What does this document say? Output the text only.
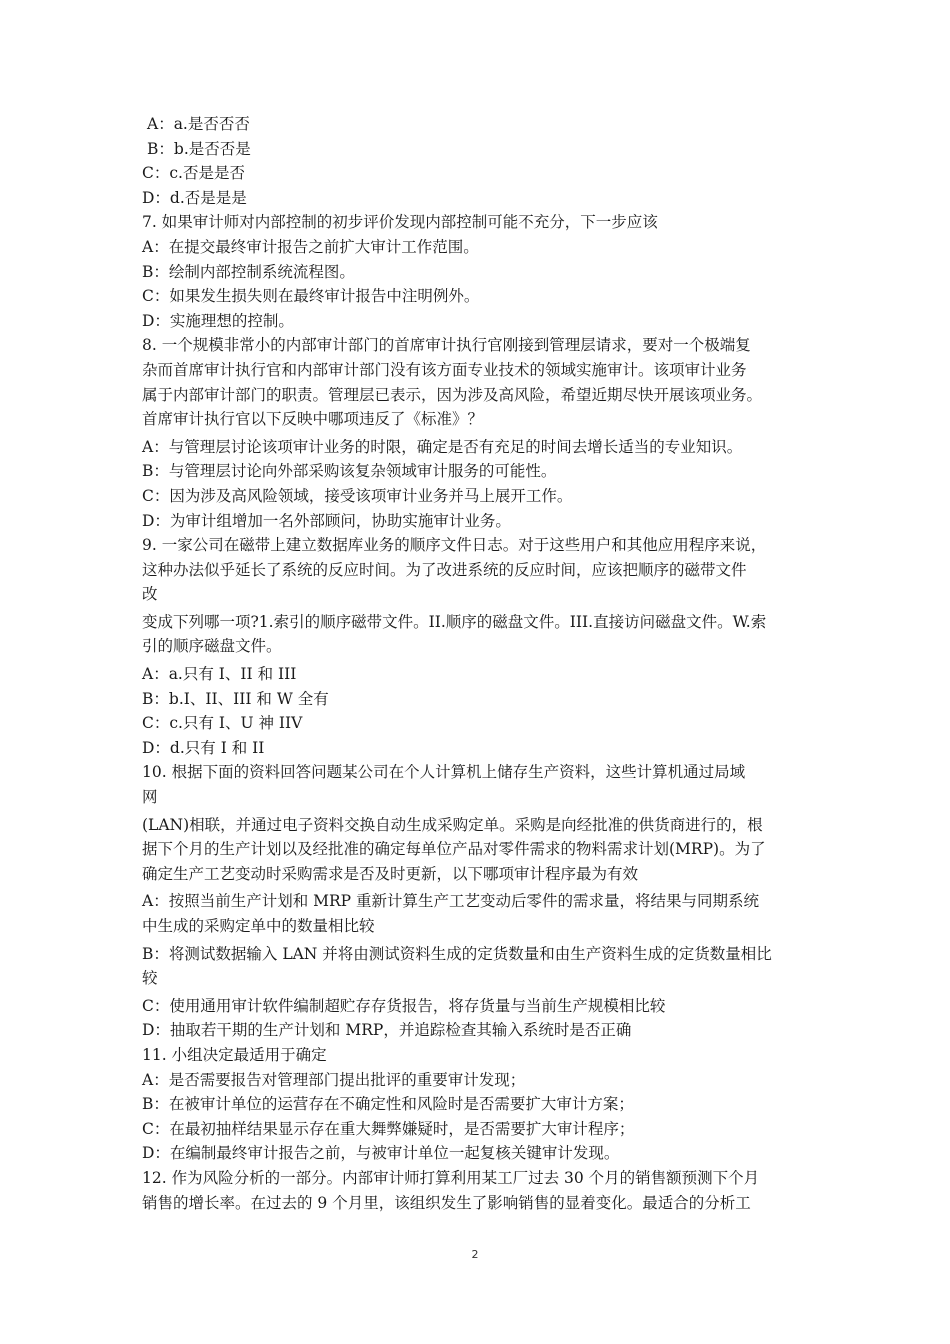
A：a.是否否否
B：b.是否否是
C：c.否是是否
D：d.否是是是
7. 如果审计师对内部控制的初步评价发现内部控制可能不充分，下一步应该
A：在提交最终审计报告之前扩大审计工作范围。
B：绘制内部控制系统流程图。
C：如果发生损失则在最终审计报告中注明例外。
D：实施理想的控制。
8. 一个规模非常小的内部审计部门的首席审计执行官刚接到管理层请求，要对一个极端复
杂而首席审计执行官和内部审计部门没有该方面专业技术的领域实施审计。该项审计业务
属于内部审计部门的职责。管理层已表示，因为涉及高风险，希望近期尽快开展该项业务。
首席审计执行官以下反映中哪项违反了《标准》？
A：与管理层讨论该项审计业务的时限，确定是否有充足的时间去增长适当的专业知识。
B：与管理层讨论向外部采购该复杂领域审计服务的可能性。
C：因为涉及高风险领域，接受该项审计业务并马上展开工作。
D：为审计组增加一名外部顾问，协助实施审计业务。
9. 一家公司在磁带上建立数据库业务的顺序文件日志。对于这些用户和其他应用程序来说，
这种办法似乎延长了系统的反应时间。为了改进系统的反应时间，应该把顺序的磁带文件
改
变成下列哪一项?1.索引的顺序磁带文件。II.顺序的磁盘文件。III.直接访问磁盘文件。W.索
引的顺序磁盘文件。
A：a.只有 I、II 和 III
B：b.I、II、III 和 W 全有
C：c.只有 I、U 神 IIV
D：d.只有 I 和 II
10. 根据下面的资料回答问题某公司在个人计算机上储存生产资料，这些计算机通过局域
网
(LAN)相联，并通过电子资料交换自动生成采购定单。采购是向经批准的供货商进行的，根
据下个月的生产计划以及经批准的确定每单位产品对零件需求的物料需求计划(MRP)。为了
确定生产工艺变动时采购需求是否及时更新，以下哪项审计程序最为有效
A：按照当前生产计划和 MRP 重新计算生产工艺变动后零件的需求量，将结果与同期系统
中生成的采购定单中的数量相比较
B：将测试数据输入 LAN 并将由测试资料生成的定货数量和由生产资料生成的定货数量相比
较
C：使用通用审计软件编制超贮存存货报告，将存货量与当前生产规模相比较
D：抽取若干期的生产计划和 MRP，并追踪检查其输入系统时是否正确
11. 小组决定最适用于确定
A：是否需要报告对管理部门提出批评的重要审计发现；
B：在被审计单位的运营存在不确定性和风险时是否需要扩大审计方案；
C：在最初抽样结果显示存在重大舞弊嫌疑时，是否需要扩大审计程序；
D：在编制最终审计报告之前，与被审计单位一起复核关键审计发现。
12. 作为风险分析的一部分。内部审计师打算利用某工厂过去 30 个月的销售额预测下个月
销售的增长率。在过去的 9 个月里，该组织发生了影响销售的显着变化。最适合的分析工
2
